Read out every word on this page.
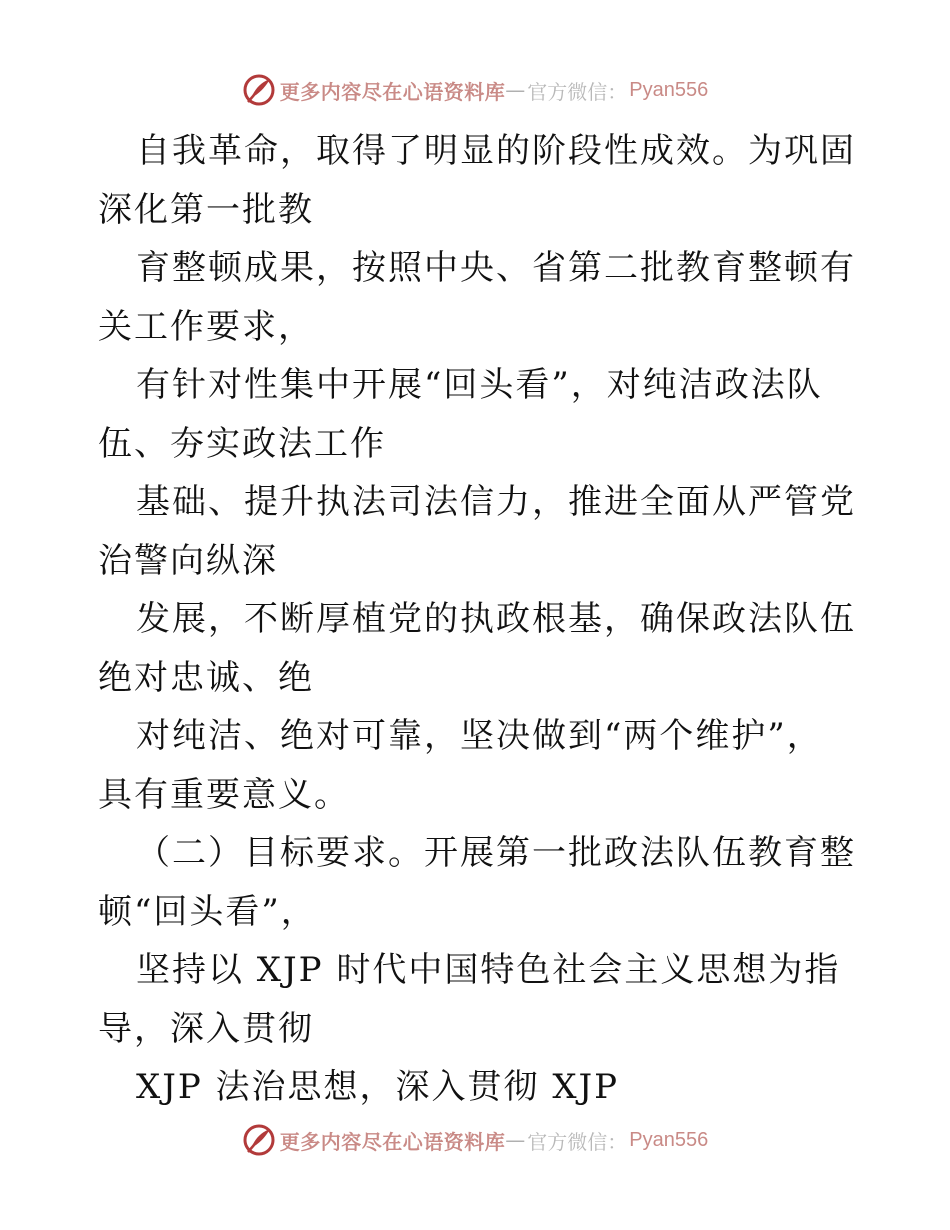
更多内容尽在心语资料库 — 官方微信： Pyan556

自我革命，取得了明显的阶段性成效。为巩固深化第一批教

育整顿成果，按照中央、省第二批教育整顿有关工作要求，

有针对性集中开展“回头看”，对纯洁政法队伍、夯实政法工作

基础、提升执法司法信力，推进全面从严管党治警向纵深

发展，不断厚植党的执政根基，确保政法队伍绝对忠诚、绝

对纯洁、绝对可靠，坚决做到“两个维护”，具有重要意义。

（二）目标要求。开展第一批政法队伍教育整顿“回头看”，

坚持以 XJP 时代中国特色社会主义思想为指导，深入贯彻

XJP 法治思想，深入贯彻 XJP

更多内容尽在心语资料库 — 官方微信： Pyan556
